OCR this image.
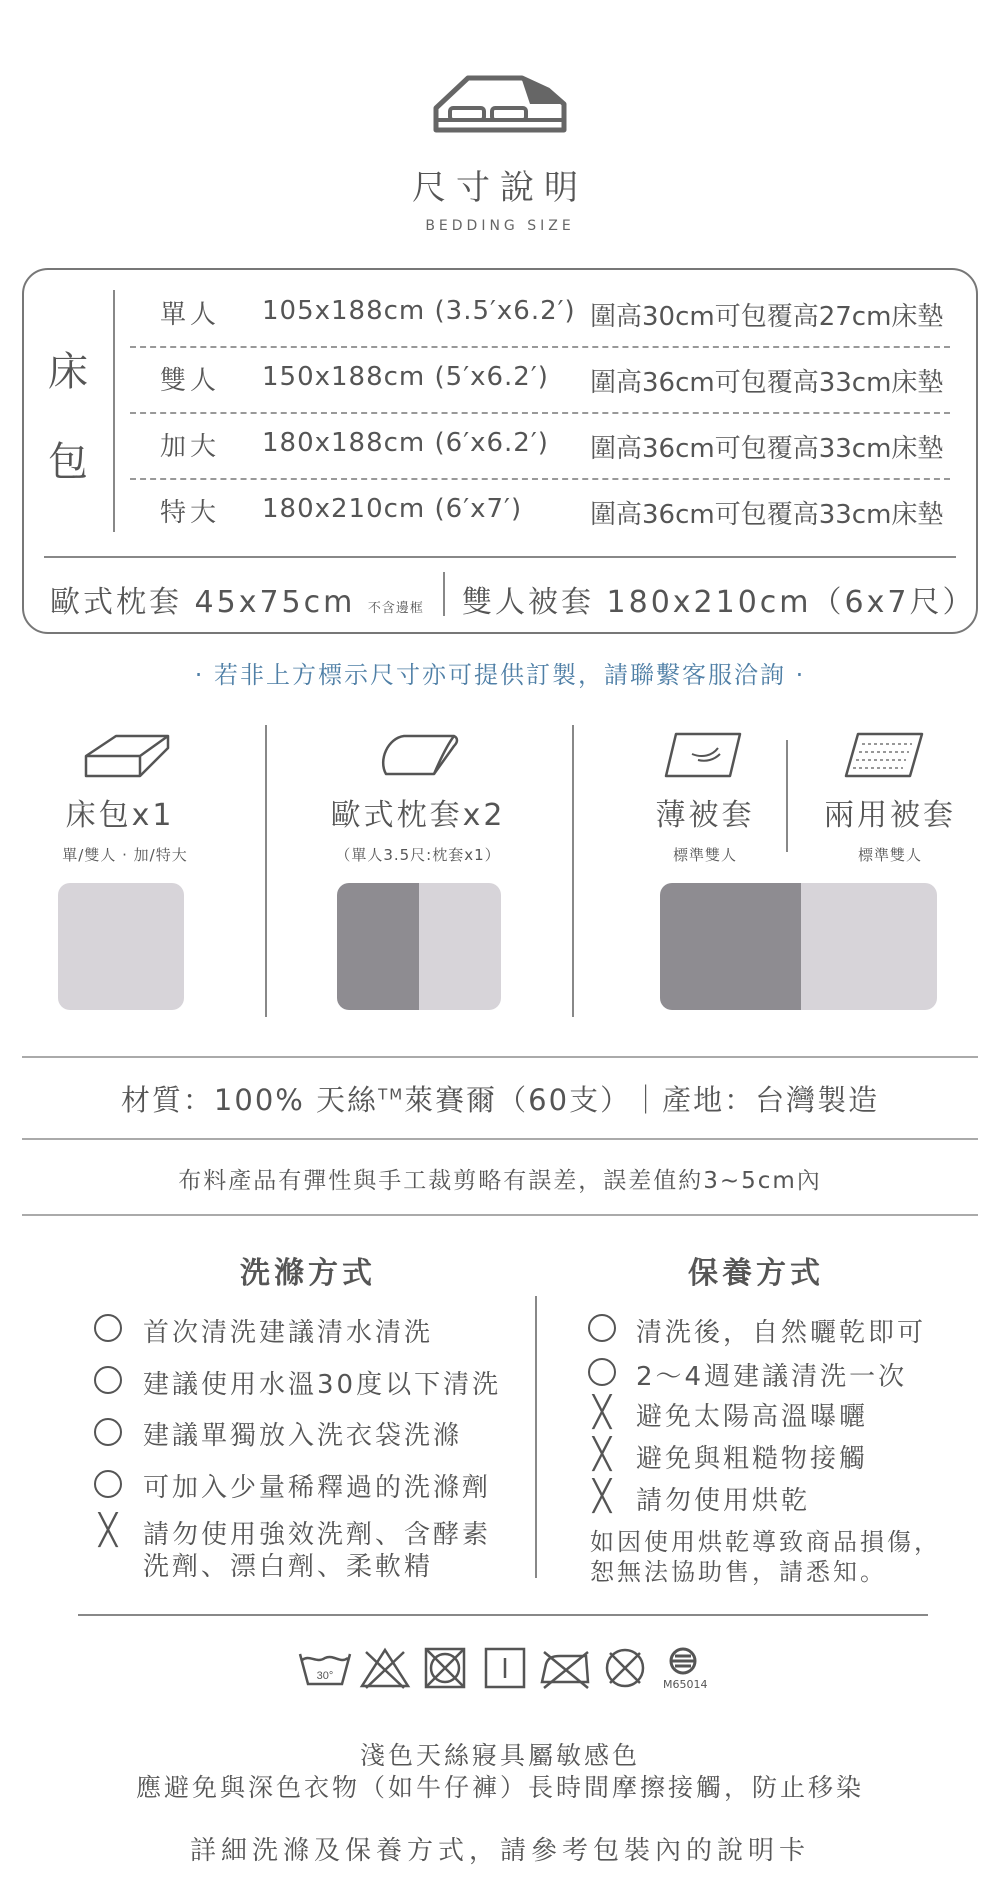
尺寸說明
BEDDING SIZE
床
包
單人 105x188cm (3.5′x6.2′) 圍高30cm可包覆高27cm床墊
雙人 150x188cm (5′x6.2′) 圍高36cm可包覆高33cm床墊
加大 180x188cm (6′x6.2′) 圍高36cm可包覆高33cm床墊
特大 180x210cm (6′x7′)	圍高36cm可包覆高33cm床墊
歐式枕套 45x75cm 不含邊框 雙人被套 180x210cm（6x7尺）
· 若非上方標示尺寸亦可提供訂製，請聯繫客服洽詢 ·
床包x1
單/雙人 · 加/特大
歐式枕套x2
（單人3.5尺:枕套x1）
薄被套
標準雙人
兩用被套
標準雙人
材質：100% 天絲™萊賽爾（60支）｜產地：台灣製造
布料產品有彈性與手工裁剪略有誤差，誤差值約3~5cm內
洗滌方式
首次清洗建議清水清洗
建議使用水溫30度以下清洗
建議單獨放入洗衣袋洗滌
可加入少量稀釋過的洗滌劑
╳ 請勿使用強效洗劑、含酵素
洗劑、漂白劑、柔軟精
保養方式
清洗後，自然曬乾即可
2～4週建議清洗一次
╳ 避免太陽高溫曝曬
╳ 避免與粗糙物接觸
╳ 請勿使用烘乾
如因使用烘乾導致商品損傷，
恕無法協助售，請悉知。
30°
M65014
淺色天絲寢具屬敏感色
應避免與深色衣物（如牛仔褲）長時間摩擦接觸，防止移染
詳細洗滌及保養方式，請參考包裝內的說明卡
